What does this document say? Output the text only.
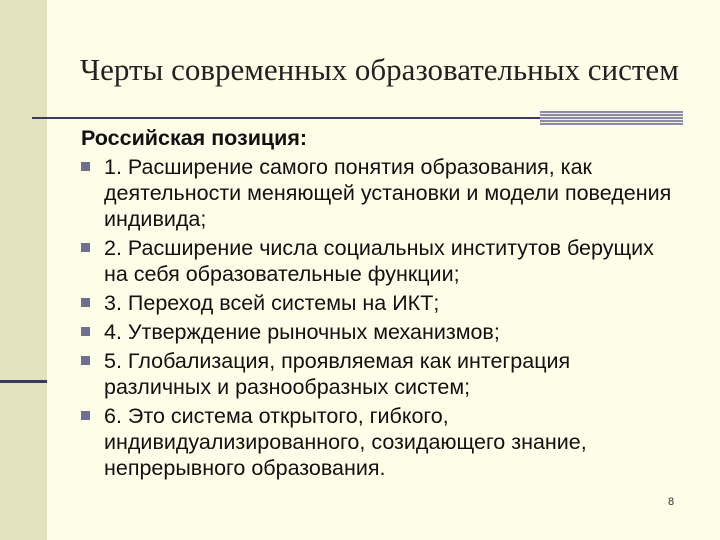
Черты современных образовательных систем
Российская позиция:
1. Расширение самого понятия образования, как деятельности меняющей установки и модели поведения индивида;
2. Расширение числа социальных институтов берущих на себя образовательные функции;
3. Переход всей системы на ИКТ;
4. Утверждение рыночных механизмов;
5. Глобализация, проявляемая как интеграция различных и разнообразных систем;
6. Это система открытого, гибкого, индивидуализированного, созидающего знание, непрерывного образования.
8
